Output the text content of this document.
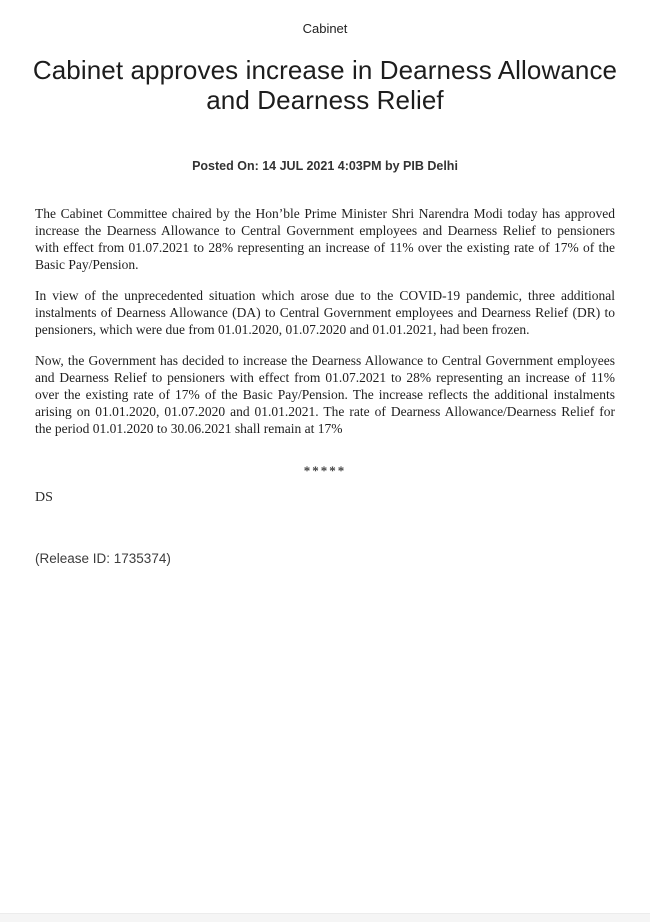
Cabinet
Cabinet approves increase in Dearness Allowance
and Dearness Relief
Posted On: 14 JUL 2021 4:03PM by PIB Delhi

The Cabinet Committee chaired by the Hon’ble Prime Minister Shri Narendra Modi today has approved increase the Dearness Allowance to Central Government employees and Dearness Relief to pensioners with effect from 01.07.2021 to 28% representing an increase of 11% over the existing rate of 17% of the Basic Pay/Pension.

In view of the unprecedented situation which arose due to the COVID-19 pandemic, three additional instalments of Dearness Allowance (DA) to Central Government employees and Dearness Relief (DR) to pensioners, which were due from 01.01.2020, 01.07.2020 and 01.01.2021, had been frozen.

Now, the Government has decided to increase the Dearness Allowance to Central Government employees and Dearness Relief to pensioners with effect from 01.07.2021 to 28% representing an increase of 11% over the existing rate of 17% of the Basic Pay/Pension. The increase reflects the additional instalments arising on 01.01.2020, 01.07.2020 and 01.01.2021. The rate of Dearness Allowance/Dearness Relief for the period 01.01.2020 to 30.06.2021 shall remain at 17%

*****
DS
(Release ID: 1735374)
